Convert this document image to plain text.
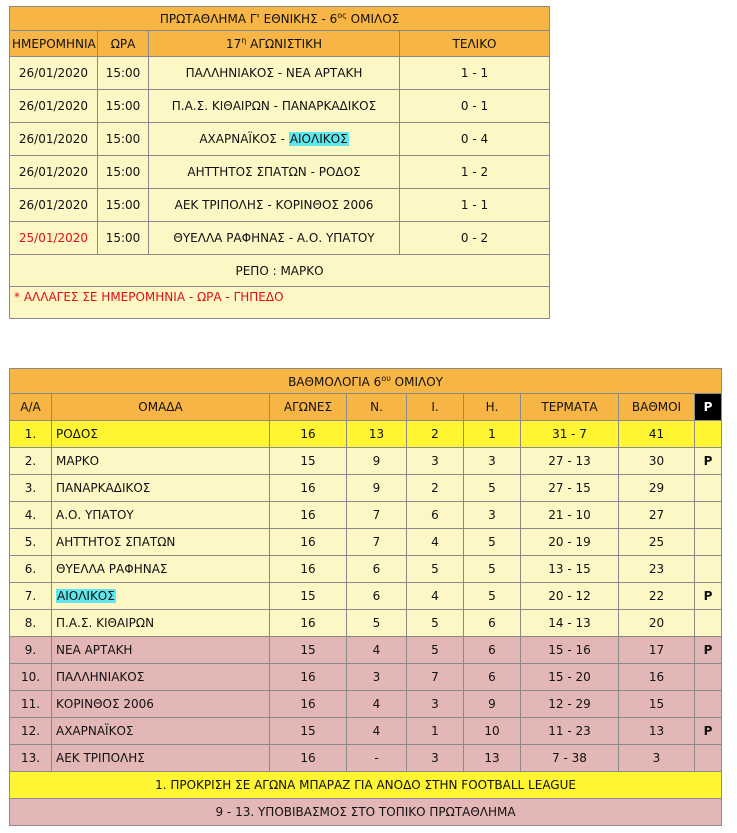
ΠΡΩΤΑΘΛΗΜΑ Γ' ΕΘΝΙΚΗΣ - $6^{o\varsigma}$ ΟΜΙΛΟΣ			
ΗΜΕΡΟΜΗΝΙΑ	ΩΡΑ	$17^\eta$ ΑΓΩΝΙΣΤΙΚΗ	ΤΕΛΙΚΟ
26/01/2020	15:00	ΠΑΛΛΗΝΙΑΚΟΣ - ΝΕΑ ΑΡΤΑΚΗ	1 - 1
26/01/2020	15:00	Π.Α.Σ. ΚΙΘΑΙΡΩΝ - ΠΑΝΑΡΚΑΔΙΚΟΣ	0 - 1
26/01/2020	15:00	ΑΧΑΡΝΑΪΚΟΣ - ΑΙΟΛΙΚΟΣ	0 - 4
26/01/2020	15:00	ΑΗΤΤΗΤΟΣ ΣΠΑΤΩΝ - ΡΟΔΟΣ	1 - 2
26/01/2020	15:00	ΑΕΚ ΤΡΙΠΟΛΗΣ - ΚΟΡΙΝΘΟΣ 2006	1 - 1
25/01/2020	15:00	ΘΥΕΛΛΑ ΡΑΦΗΝΑΣ - Α.Ο. ΥΠΑΤΟΥ	0 - 2
ΡΕΠΟ : ΜΑΡΚΟ			
* ΑΛΛΑΓΕΣ ΣΕ ΗΜΕΡΟΜΗΝΙΑ - ΩΡΑ - ΓΗΠΕΔΟ			
ΒΑΘΜΟΛΟΓΙΑ $6^{o\upsilon}$ ΟΜΙΛΟΥ								
Α/Α	ΟΜΑΔΑ	ΑΓΩΝΕΣ	Ν.	Ι.	Η.	ΤΕΡΜΑΤΑ	ΒΑΘΜΟΙ	P
1.	ΡΟΔΟΣ	16	13	2	1	31 - 7	41	
2.	ΜΑΡΚΟ	15	9	3	3	27 - 13	30	P
3.	ΠΑΝΑΡΚΑΔΙΚΟΣ	16	9	2	5	27 - 15	29	
4.	Α.Ο. ΥΠΑΤΟΥ	16	7	6	3	21 - 10	27	
5.	ΑΗΤΤΗΤΟΣ ΣΠΑΤΩΝ	16	7	4	5	20 - 19	25	
6.	ΘΥΕΛΛΑ ΡΑΦΗΝΑΣ	16	6	5	5	13 - 15	23	
7.	ΑΙΟΛΙΚΟΣ	15	6	4	5	20 - 12	22	P
8.	Π.Α.Σ. ΚΙΘΑΙΡΩΝ	16	5	5	6	14 - 13	20	
9.	ΝΕΑ ΑΡΤΑΚΗ	15	4	5	6	15 - 16	17	P
10.	ΠΑΛΛΗΝΙΑΚΟΣ	16	3	7	6	15 - 20	16	
11.	ΚΟΡΙΝΘΟΣ 2006	16	4	3	9	12 - 29	15	
12.	ΑΧΑΡΝΑΪΚΟΣ	15	4	1	10	11 - 23	13	P
13.	ΑΕΚ ΤΡΙΠΟΛΗΣ	16	-	3	13	7 - 38	3	
1. ΠΡΟΚΡΙΣΗ ΣΕ ΑΓΩΝΑ ΜΠΑΡΑΖ ΓΙΑ ΑΝΟΔΟ ΣΤΗΝ FOOTBALL LEAGUE								
9 - 13. ΥΠΟΒΙΒΑΣΜΟΣ ΣΤΟ ΤΟΠΙΚΟ ΠΡΩΤΑΘΛΗΜΑ								
